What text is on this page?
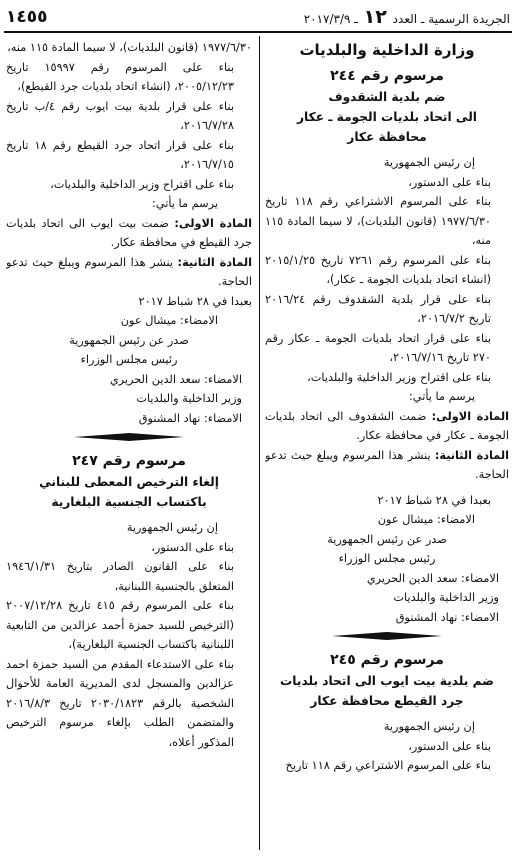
الجريدة الرسمية ـ العدد ١٢ ـ ٢٠١٧/٣/٩
١٤٥٥
وزارة الداخلية والبلديات
مرسوم رقم ٢٤٤
ضم بلدية الشقدوف
الى اتحاد بلديات الجومة ـ عكار
محافظة عكار
إن رئيس الجمهورية
بناء على الدستور،
بناء على المرسوم الاشتراعي رقم ١١٨ تاريخ ١٩٧٧/٦/٣٠ (قانون البلديات)، لا سيما المادة ١١٥ منه،
بناء على المرسوم رقم ٧٢٦١ تاريخ ٢٠١٥/١/٢٥ (انشاء اتحاد بلديات الجومة ـ عكار)،
بناء على قرار بلدية الشقدوف رقم ٢٠١٦/٢٤ تاريخ ٢٠١٦/٧/٢،
بناء على قرار اتحاد بلديات الجومة ـ عكار رقم ٢٧٠ تاريخ ٢٠١٦/٧/١٦،
بناء على اقتراح وزير الداخلية والبلديات،
يرسم ما يأتي:
المادة الاولى: ضمت الشقدوف الى اتحاد بلديات الجومة ـ عكار في محافظة عكار.
المادة الثانية: ينشر هذا المرسوم ويبلغ حيث تدعو الحاجة.
بعبدا في ٢٨ شباط ٢٠١٧
الامضاء: ميشال عون
صدر عن رئيس الجمهورية
رئيس مجلس الوزراء
الامضاء: سعد الدين الحريري
وزير الداخلية والبلديات
الامضاء: نهاد المشنوق
مرسوم رقم ٢٤٥
ضم بلدية بيت ايوب الى اتحاد بلديات
جرد القيطع محافظة عكار
إن رئيس الجمهورية
بناء على الدستور،
بناء على المرسوم الاشتراعي رقم ١١٨ تاريخ
١٩٧٧/٦/٣٠ (قانون البلديات)، لا سيما المادة ١١٥ منه،
بناء على المرسوم رقم ١٥٩٩٧ تاريخ ٢٠٠٥/١٢/٢٣، (انشاء اتحاد بلديات جرد القيطع)،
بناء على قرار بلدية بيت ايوب رقم ٤/ب تاريخ ٢٠١٦/٧/٢٨،
بناء على قرار اتحاد جرد القيطع رقم ١٨ تاريخ ٢٠١٦/٧/١٥،
بناء على اقتراح وزير الداخلية والبلديات،
يرسم ما يأتي:
المادة الاولى: ضمت بيت ايوب الى اتحاد بلديات جرد القيطع في محافظة عكار.
المادة الثانية: ينشر هذا المرسوم ويبلغ حيث تدعو الحاجة.
بعبدا في ٢٨ شباط ٢٠١٧
الامضاء: ميشال عون
صدر عن رئيس الجمهورية
رئيس مجلس الوزراء
الامضاء: سعد الدين الحريري
وزير الداخلية والبلديات
الامضاء: نهاد المشنوق
مرسوم رقم ٢٤٧
إلغاء الترخيص المعطى للبناني
باكتساب الجنسية البلغارية
إن رئيس الجمهورية
بناء على الدستور،
بناء على القانون الصادر بتاريخ ١٩٤٦/١/٣١ المتعلق بالجنسية اللبنانية،
بناء على المرسوم رقم ٤١٥ تاريخ ٢٠٠٧/١٢/٢٨ (الترخيص للسيد حمزة أحمد عزالدين من التابعية اللبنانية باكتساب الجنسية البلغارية)،
بناء على الاستدعاء المقدم من السيد حمزة احمد عزالدين والمسجل لدى المديرية العامة للأحوال الشخصية بالرقم ٢٠٣٠/١٨٢٣ تاريخ ٢٠١٦/٨/٣ والمتضمن الطلب بإلغاء مرسوم الترخيص المذكور أعلاه،
